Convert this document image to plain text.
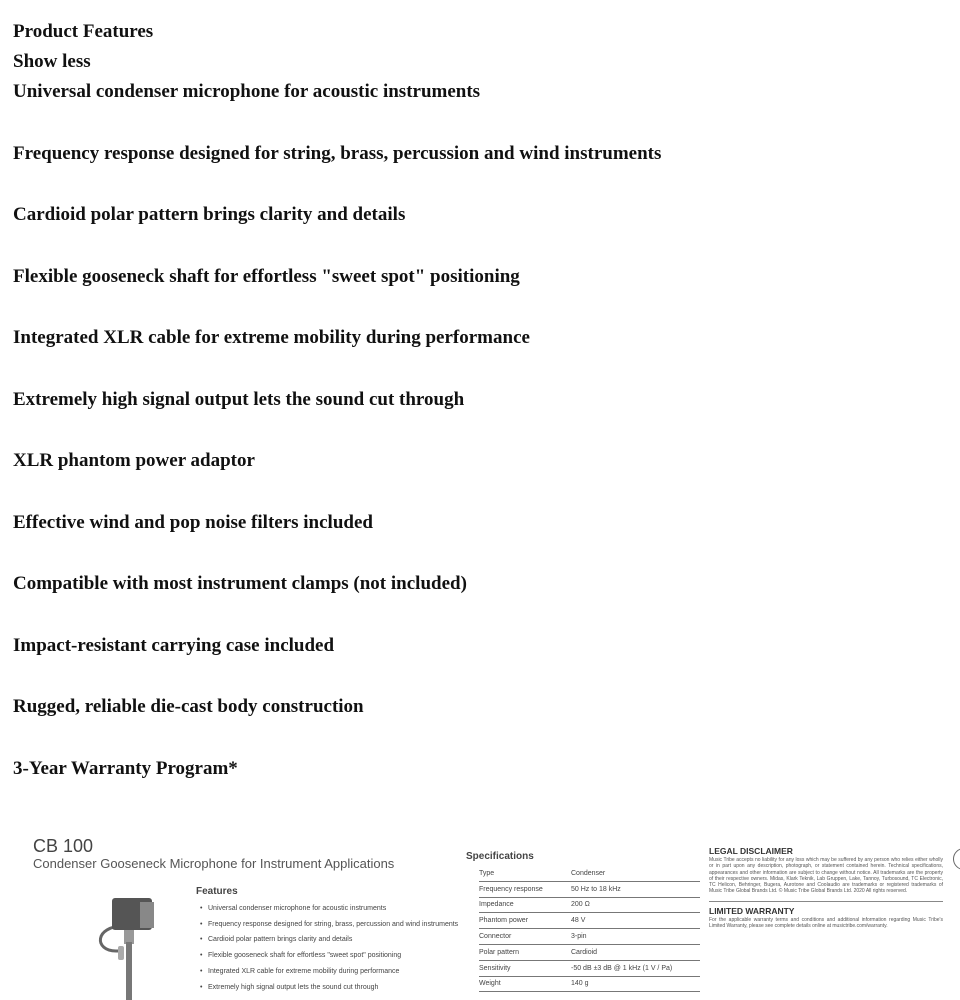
Product Features

Show less

Universal condenser microphone for acoustic instruments
Frequency response designed for string, brass, percussion and wind instruments
Cardioid polar pattern brings clarity and details
Flexible gooseneck shaft for effortless "sweet spot" positioning
Integrated XLR cable for extreme mobility during performance
Extremely high signal output lets the sound cut through
XLR phantom power adaptor
Effective wind and pop noise filters included
Compatible with most instrument clamps (not included)
Impact-resistant carrying case included
Rugged, reliable die-cast body construction
3-Year Warranty Program*
CB 100
Condenser Gooseneck Microphone for Instrument Applications
Features
• Universal condenser microphone for acoustic instruments
• Frequency response designed for string, brass, percussion and wind instruments
• Cardioid polar pattern brings clarity and details
• Flexible gooseneck shaft for effortless "sweet spot" positioning
• Integrated XLR cable for extreme mobility during performance
• Extremely high signal output lets the sound cut through
Specifications
Type	Condenser
Frequency response	50 Hz to 18 kHz
Impedance	200 Ω
Phantom power	48 V
Connector	3-pin
Polar pattern	Cardioid
Sensitivity	-50 dB ±3 dB @ 1 kHz (1 V / Pa)
Weight	140 g
LEGAL DISCLAIMER
Music Tribe accepts no liability for any loss which may be suffered by any person who relies either wholly or in part upon any description, photograph, or statement contained herein. Technical specifications, appearances and other information are subject to change without notice. All trademarks are the property of their respective owners. Midas, Klark Teknik, Lab Gruppen, Lake, Tannoy, Turbosound, TC Electronic, TC Helicon, Behringer, Bugera, Aurotone and Coolaudio are trademarks or registered trademarks of Music Tribe Global Brands Ltd. © Music Tribe Global Brands Ltd. 2020 All rights reserved.
LIMITED WARRANTY
For the applicable warranty terms and conditions and additional information regarding Music Tribe's Limited Warranty, please see complete details online at musictribe.com/warranty.
